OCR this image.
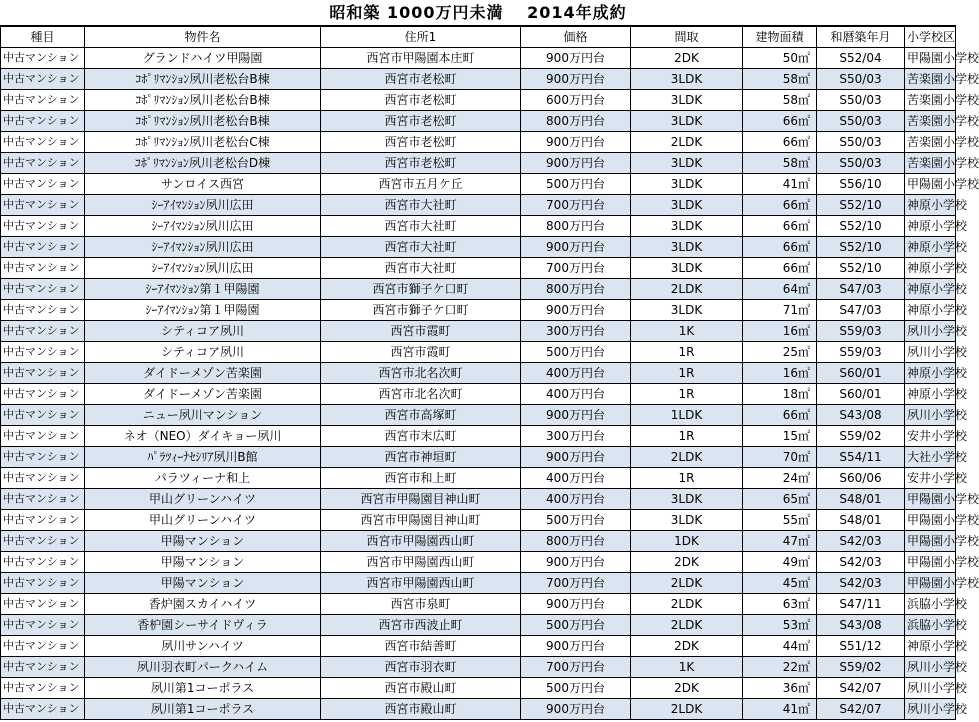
昭和築 1000万円未満　 2014年成約
種目	物件名	住所1	価格	間取	建物面積	和暦築年月	小学校区
中古マンション	グランドハイツ甲陽園	西宮市甲陽園本庄町	900万円台	2DK	50㎡	S52/04	甲陽園小学校
中古マンション	ｺﾎﾟﾘﾏﾝｼｮﾝ夙川老松台B棟	西宮市老松町	900万円台	3LDK	58㎡	S50/03	苦楽園小学校
中古マンション	ｺﾎﾟﾘﾏﾝｼｮﾝ夙川老松台B棟	西宮市老松町	600万円台	3LDK	58㎡	S50/03	苦楽園小学校
中古マンション	ｺﾎﾟﾘﾏﾝｼｮﾝ夙川老松台B棟	西宮市老松町	800万円台	3LDK	66㎡	S50/03	苦楽園小学校
中古マンション	ｺﾎﾟﾘﾏﾝｼｮﾝ夙川老松台C棟	西宮市老松町	900万円台	2LDK	66㎡	S50/03	苦楽園小学校
中古マンション	ｺﾎﾟﾘﾏﾝｼｮﾝ夙川老松台D棟	西宮市老松町	900万円台	3LDK	58㎡	S50/03	苦楽園小学校
中古マンション	サンロイス西宮	西宮市五月ケ丘	500万円台	3LDK	41㎡	S56/10	甲陽園小学校
中古マンション	ｼｰｱｲﾏﾝｼｮﾝ夙川広田	西宮市大社町	700万円台	3LDK	66㎡	S52/10	神原小学校
中古マンション	ｼｰｱｲﾏﾝｼｮﾝ夙川広田	西宮市大社町	800万円台	3LDK	66㎡	S52/10	神原小学校
中古マンション	ｼｰｱｲﾏﾝｼｮﾝ夙川広田	西宮市大社町	900万円台	3LDK	66㎡	S52/10	神原小学校
中古マンション	ｼｰｱｲﾏﾝｼｮﾝ夙川広田	西宮市大社町	700万円台	3LDK	66㎡	S52/10	神原小学校
中古マンション	ｼｰｱｲﾏﾝｼｮﾝ第１甲陽園	西宮市獅子ケ口町	800万円台	2LDK	64㎡	S47/03	神原小学校
中古マンション	ｼｰｱｲﾏﾝｼｮﾝ第１甲陽園	西宮市獅子ケ口町	900万円台	3LDK	71㎡	S47/03	神原小学校
中古マンション	シティコア夙川	西宮市霞町	300万円台	1K	16㎡	S59/03	夙川小学校
中古マンション	シティコア夙川	西宮市霞町	500万円台	1R	25㎡	S59/03	夙川小学校
中古マンション	ダイドーメゾン苦楽園	西宮市北名次町	400万円台	1R	16㎡	S60/01	神原小学校
中古マンション	ダイドーメゾン苦楽園	西宮市北名次町	400万円台	1R	18㎡	S60/01	神原小学校
中古マンション	ニュー夙川マンション	西宮市高塚町	900万円台	1LDK	66㎡	S43/08	夙川小学校
中古マンション	ネオ（NEO）ダイキョー夙川	西宮市末広町	300万円台	1R	15㎡	S59/02	安井小学校
中古マンション	ﾊﾟﾗﾂｨｰﾅｾｼﾘｱ夙川B館	西宮市神垣町	900万円台	2LDK	70㎡	S54/11	大社小学校
中古マンション	パラツィーナ和上	西宮市和上町	400万円台	1R	24㎡	S60/06	安井小学校
中古マンション	甲山グリーンハイツ	西宮市甲陽園目神山町	400万円台	3LDK	65㎡	S48/01	甲陽園小学校
中古マンション	甲山グリーンハイツ	西宮市甲陽園目神山町	500万円台	3LDK	55㎡	S48/01	甲陽園小学校
中古マンション	甲陽マンション	西宮市甲陽園西山町	800万円台	1DK	47㎡	S42/03	甲陽園小学校
中古マンション	甲陽マンション	西宮市甲陽園西山町	900万円台	2DK	49㎡	S42/03	甲陽園小学校
中古マンション	甲陽マンション	西宮市甲陽園西山町	700万円台	2LDK	45㎡	S42/03	甲陽園小学校
中古マンション	香炉園スカイハイツ	西宮市泉町	900万円台	2LDK	63㎡	S47/11	浜脇小学校
中古マンション	香枦園シーサイドヴィラ	西宮市西波止町	500万円台	2LDK	53㎡	S43/08	浜脇小学校
中古マンション	夙川サンハイツ	西宮市結善町	900万円台	2DK	44㎡	S51/12	神原小学校
中古マンション	夙川羽衣町パークハイム	西宮市羽衣町	700万円台	1K	22㎡	S59/02	夙川小学校
中古マンション	夙川第1コーポラス	西宮市殿山町	500万円台	2DK	36㎡	S42/07	夙川小学校
中古マンション	夙川第1コーポラス	西宮市殿山町	900万円台	2LDK	41㎡	S42/07	夙川小学校
